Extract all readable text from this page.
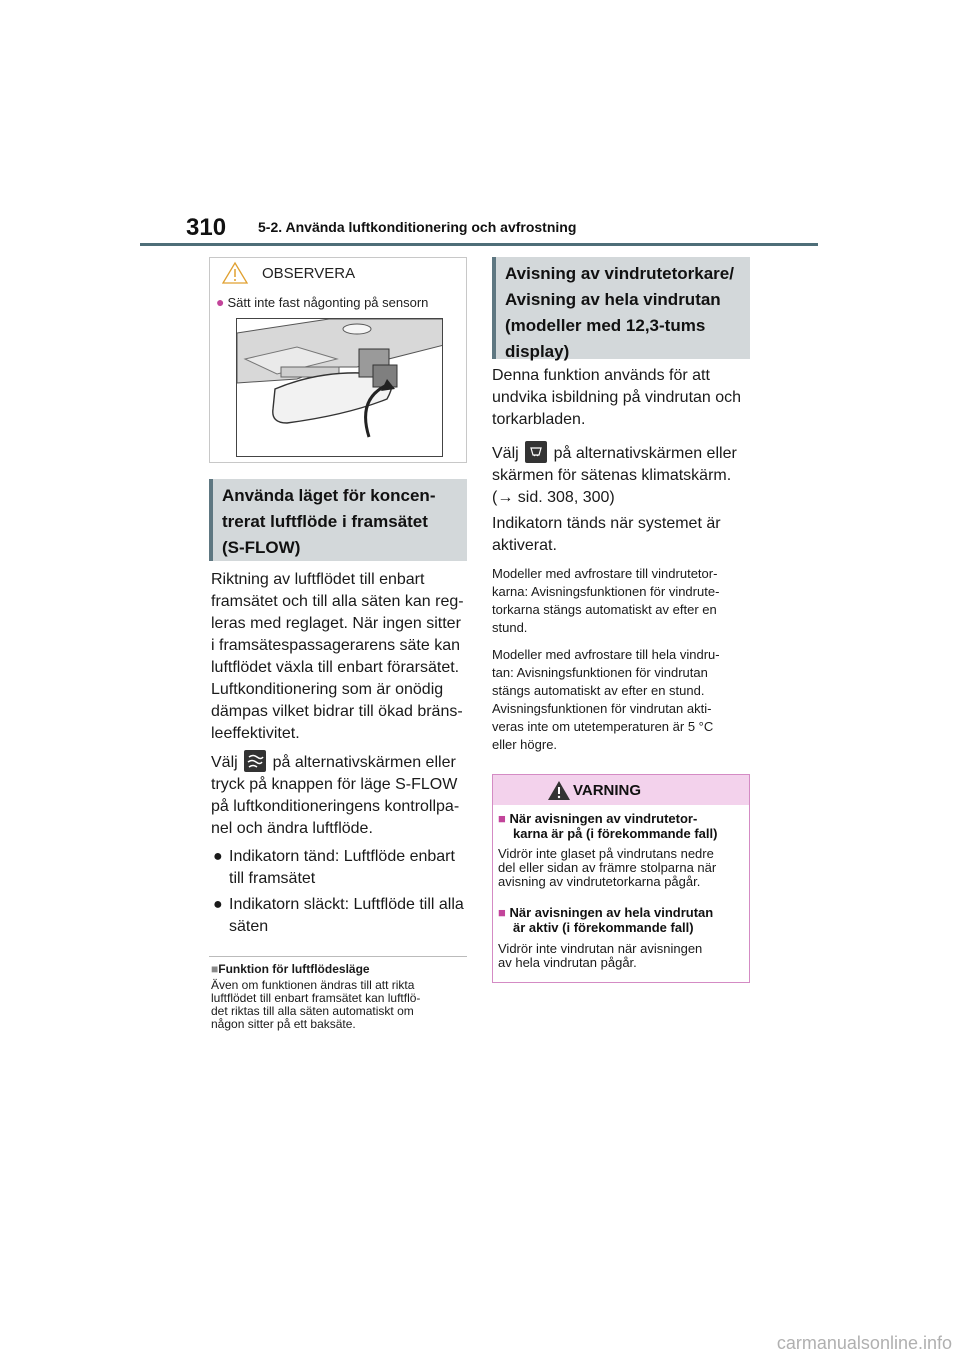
310 5-2. Använda luftkonditionering och avfrostning
OBSERVERA
● Sätt inte fast någonting på sensorn
Använda läget för koncen-
trerat luftflöde i framsätet
(S-FLOW)
Riktning av luftflödet till enbart
framsätet och till alla säten kan reg-
leras med reglaget. När ingen sitter
i framsätespassagerarens säte kan
luftflödet växla till enbart förarsätet.
Luftkonditionering som är onödig
dämpas vilket bidrar till ökad bräns-
leeffektivitet.
Välj på alternativskärmen eller
tryck på knappen för läge S-FLOW
på luftkonditioneringens kontrollpa-
nel och ändra luftflöde.
● Indikatorn tänd: Luftflöde enbart
till framsätet
● Indikatorn släckt: Luftflöde till alla
säten
■Funktion för luftflödesläge
Även om funktionen ändras till att rikta
luftflödet till enbart framsätet kan luftflö-
det riktas till alla säten automatiskt om
någon sitter på ett baksäte.
Avisning av vindrutetorkare/
Avisning av hela vindrutan
(modeller med 12,3-tums
display)
Denna funktion används för att
undvika isbildning på vindrutan och
torkarbladen.
Välj på alternativskärmen eller
skärmen för sätenas klimatskärm.
(→ sid. 308, 300)
Indikatorn tänds när systemet är
aktiverat.
Modeller med avfrostare till vindrutetor-
karna: Avisningsfunktionen för vindrute-
torkarna stängs automatiskt av efter en
stund.
Modeller med avfrostare till hela vindru-
tan: Avisningsfunktionen för vindrutan
stängs automatiskt av efter en stund.
Avisningsfunktionen för vindrutan akti-
veras inte om utetemperaturen är 5 °C
eller högre.
VARNING
■ När avisningen av vindrutetor-
karna är på (i förekommande fall)
Vidrör inte glaset på vindrutans nedre
del eller sidan av främre stolparna när
avisning av vindrutetorkarna pågår.
■ När avisningen av hela vindrutan
är aktiv (i förekommande fall)
Vidrör inte vindrutan när avisningen
av hela vindrutan pågår.
carmanualsonline.info
